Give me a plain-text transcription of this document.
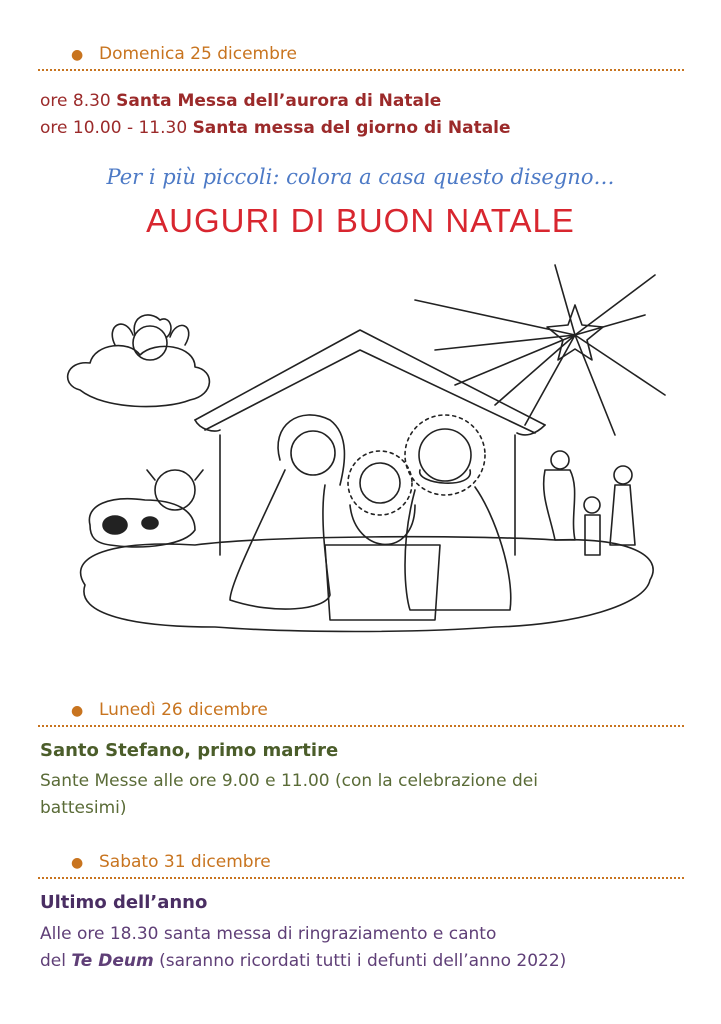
● Domenica 25 dicembre
ore 8.30 Santa Messa dell’aurora di Natale
ore 10.00 - 11.30 Santa messa del giorno di Natale
Per i più piccoli: colora a casa questo disegno…
AUGURI DI BUON NATALE
● Lunedì 26 dicembre
Santo Stefano, primo martire
Sante Messe alle ore 9.00 e 11.00 (con la celebrazione dei
battesimi)
● Sabato 31 dicembre
Ultimo dell’anno
Alle ore 18.30 santa messa di ringraziamento e canto
del Te Deum (saranno ricordati tutti i defunti dell’anno 2022)
